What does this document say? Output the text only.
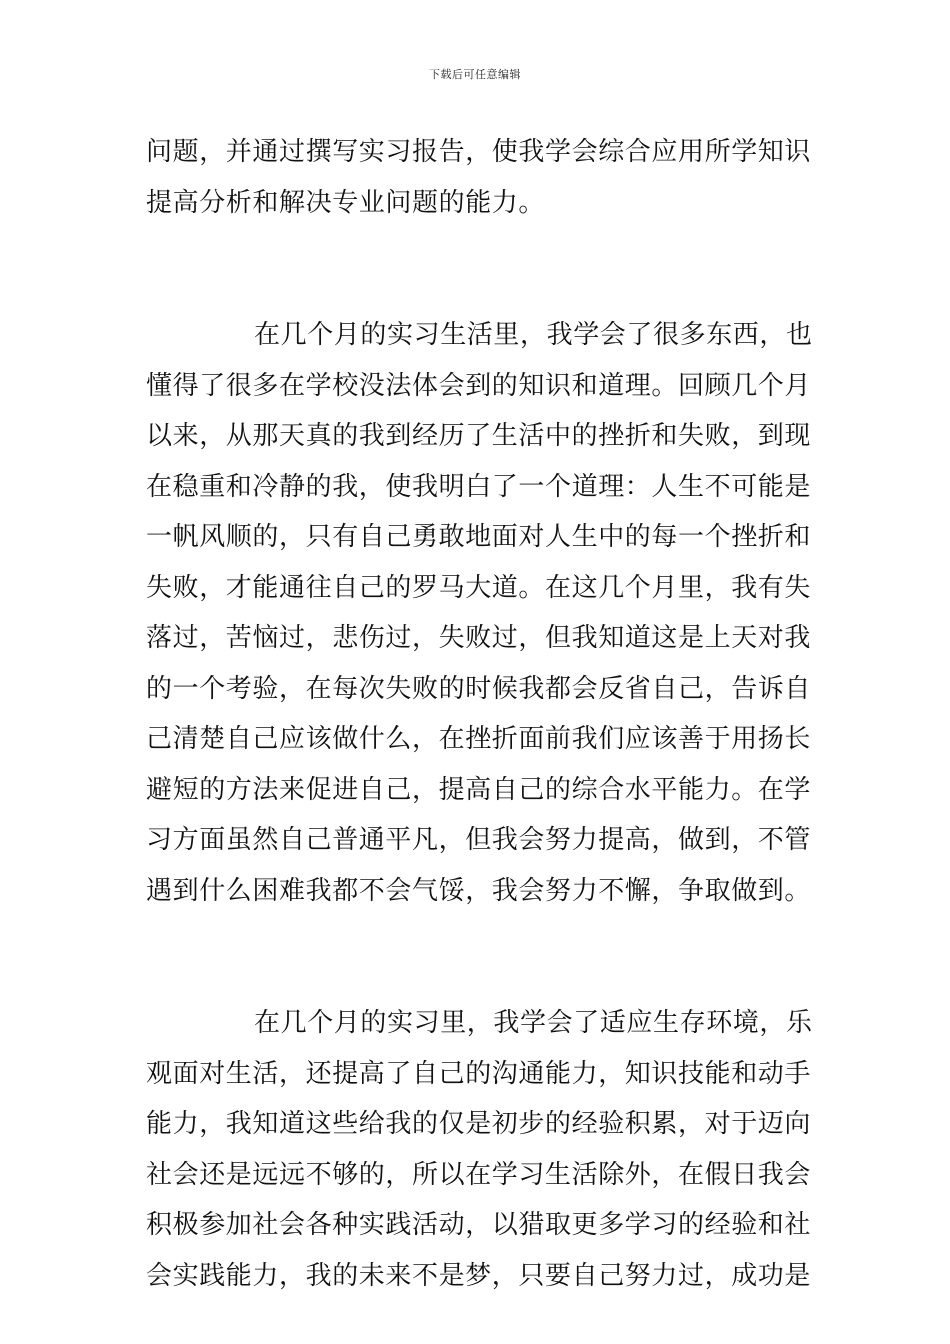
下载后可任意编辑
问题，并通过撰写实习报告，使我学会综合应用所学知识
提高分析和解决专业问题的能力。
在几个月的实习生活里，我学会了很多东西，也
懂得了很多在学校没法体会到的知识和道理。回顾几个月
以来，从那天真的我到经历了生活中的挫折和失败，到现
在稳重和冷静的我，使我明白了一个道理：人生不可能是
一帆风顺的，只有自己勇敢地面对人生中的每一个挫折和
失败，才能通往自己的罗马大道。在这几个月里，我有失
落过，苦恼过，悲伤过，失败过，但我知道这是上天对我
的一个考验，在每次失败的时候我都会反省自己，告诉自
己清楚自己应该做什么，在挫折面前我们应该善于用扬长
避短的方法来促进自己，提高自己的综合水平能力。在学
习方面虽然自己普通平凡，但我会努力提高，做到，不管
遇到什么困难我都不会气馁，我会努力不懈，争取做到。
在几个月的实习里，我学会了适应生存环境，乐
观面对生活，还提高了自己的沟通能力，知识技能和动手
能力，我知道这些给我的仅是初步的经验积累，对于迈向
社会还是远远不够的，所以在学习生活除外，在假日我会
积极参加社会各种实践活动，以猎取更多学习的经验和社
会实践能力，我的未来不是梦，只要自己努力过，成功是
